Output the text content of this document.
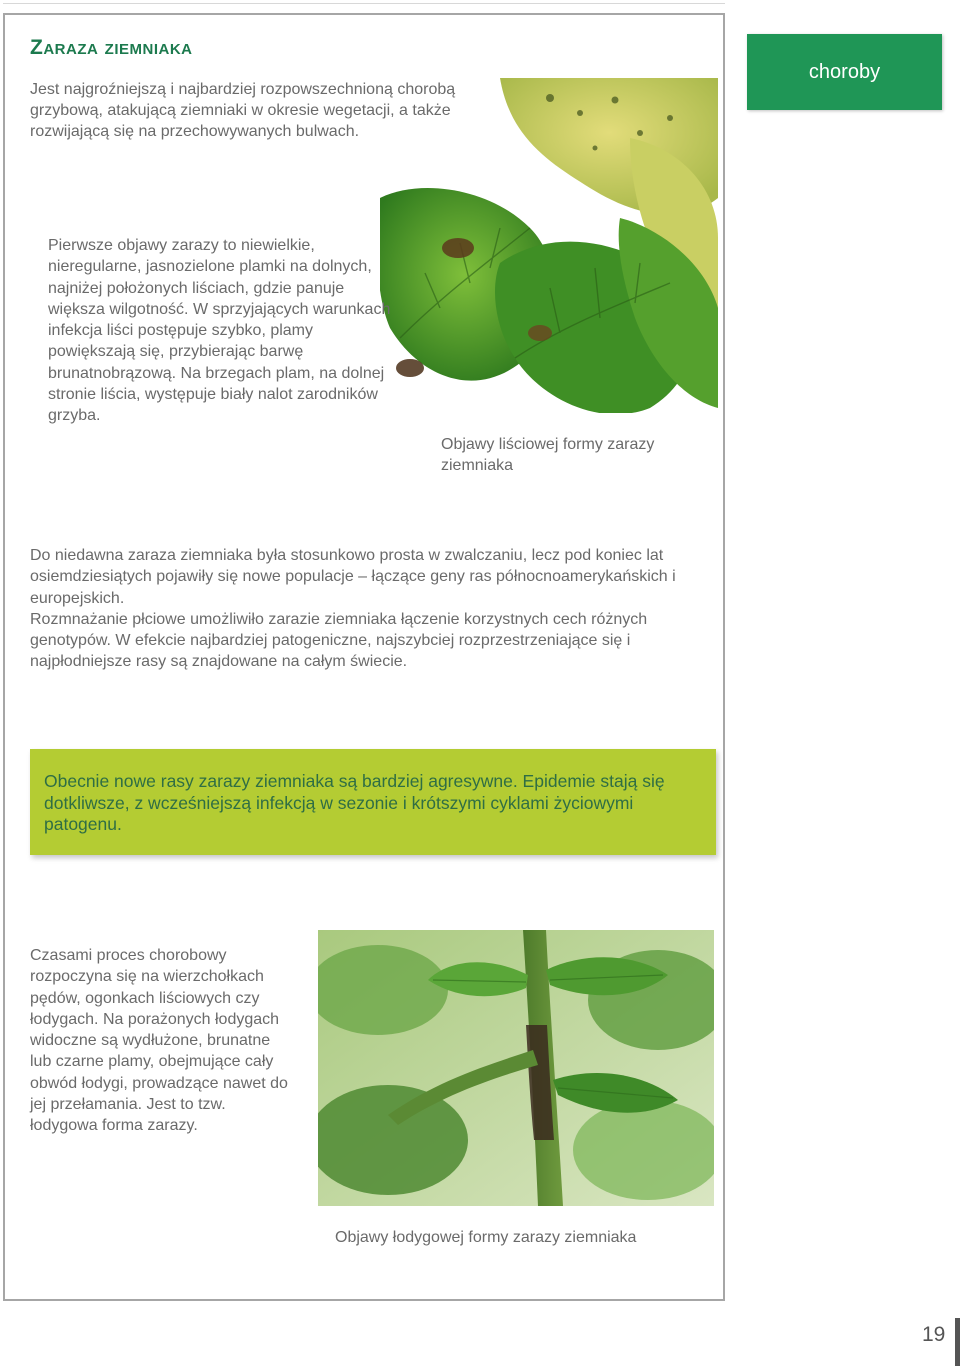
Zaraza ziemniaka
choroby

Jest najgroźniejszą i najbardziej rozpowszechnioną chorobą grzybową, atakującą ziemniaki w okresie wegetacji, a także rozwijającą się na przechowywanych bulwach.

Objawy liściowej formy zarazy ziemniaka

Pierwsze objawy zarazy to niewielkie, nieregularne, jasnozielone plamki na dolnych, najniżej położonych liściach, gdzie panuje większa wilgotność. W sprzyjających warunkach infekcja liści postępuje szybko, plamy powiększają się, przybierając barwę brunatnobrązową. Na brzegach plam, na dolnej stronie liścia, występuje biały nalot zarodników grzyba.

Do niedawna zaraza ziemniaka była stosunkowo prosta w zwalczaniu, lecz pod koniec lat osiemdziesiątych pojawiły się nowe populacje – łączące geny ras północnoamerykańskich i europejskich.

Rozmnażanie płciowe umożliwiło zarazie ziemniaka łączenie korzystnych cech różnych genotypów. W efekcie najbardziej patogeniczne, najszybciej rozprzestrzeniające się i najpłodniejsze rasy są znajdowane na całym świecie.

Obecnie nowe rasy zarazy ziemniaka są bardziej agresywne. Epidemie stają się dotkliwsze, z wcześniejszą infekcją w sezonie i krótszymi cyklami życiowymi patogenu.

Czasami proces chorobowy rozpoczyna się na wierzchołkach pędów, ogonkach liściowych czy łodygach. Na porażonych łodygach widoczne są wydłużone, brunatne lub czarne plamy, obejmujące cały obwód łodygi, prowadzące nawet do jej przełamania. Jest to tzw. łodygowa forma zarazy.

Objawy łodygowej formy zarazy ziemniaka

19
